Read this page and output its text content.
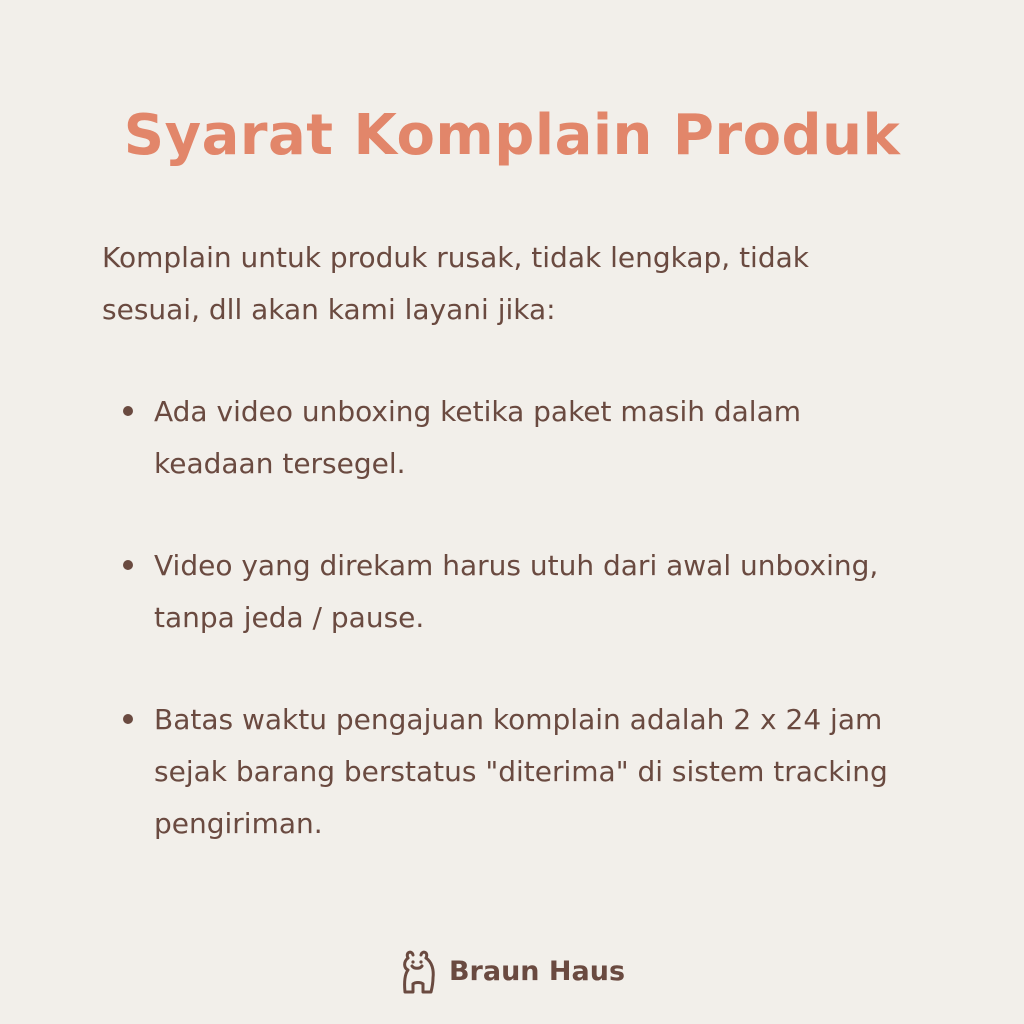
Syarat Komplain Produk

Komplain untuk produk rusak, tidak lengkap, tidak sesuai, dll akan kami layani jika:

Ada video unboxing ketika paket masih dalam keadaan tersegel.
Video yang direkam harus utuh dari awal unboxing, tanpa jeda / pause.
Batas waktu pengajuan komplain adalah 2 x 24 jam sejak barang berstatus "diterima" di sistem tracking pengiriman.
Braun Haus
